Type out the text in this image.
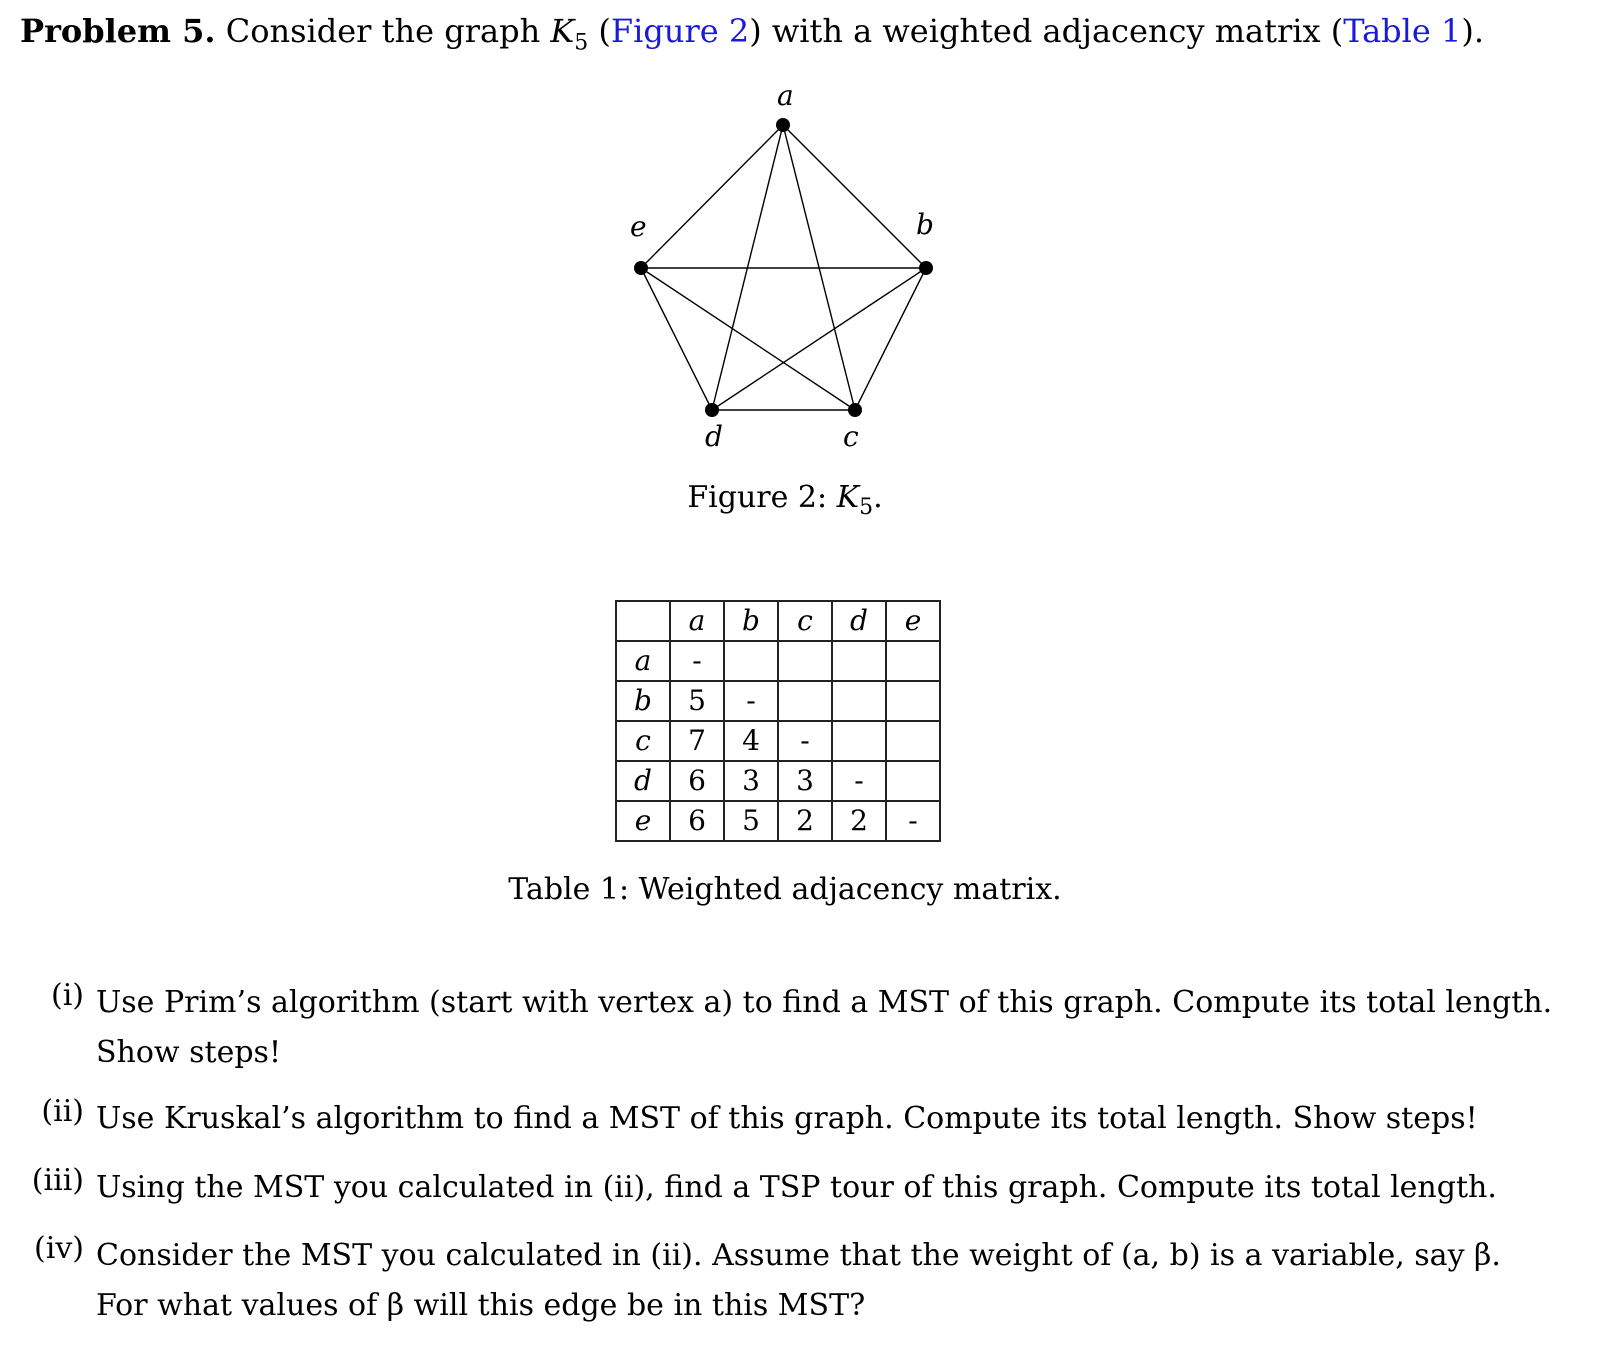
Problem 5. Consider the graph $K_5$ (Figure 2) with a weighted adjacency matrix (Table 1).
a
b
c
d
e
Figure 2: $K_5$.
	a	b	c	d	e
a	-				
b	5	-			
c	7	4	-		
d	6	3	3	-	
e	6	5	2	2	-
Table 1: Weighted adjacency matrix.
(i) Use Prim’s algorithm (start with vertex a) to find a MST of this graph. Compute its total length. Show steps!
(ii) Use Kruskal’s algorithm to find a MST of this graph. Compute its total length. Show steps!
(iii) Using the MST you calculated in (ii), find a TSP tour of this graph. Compute its total length.
(iv) Consider the MST you calculated in (ii). Assume that the weight of (a, b) is a variable, say β. For what values of β will this edge be in this MST?
